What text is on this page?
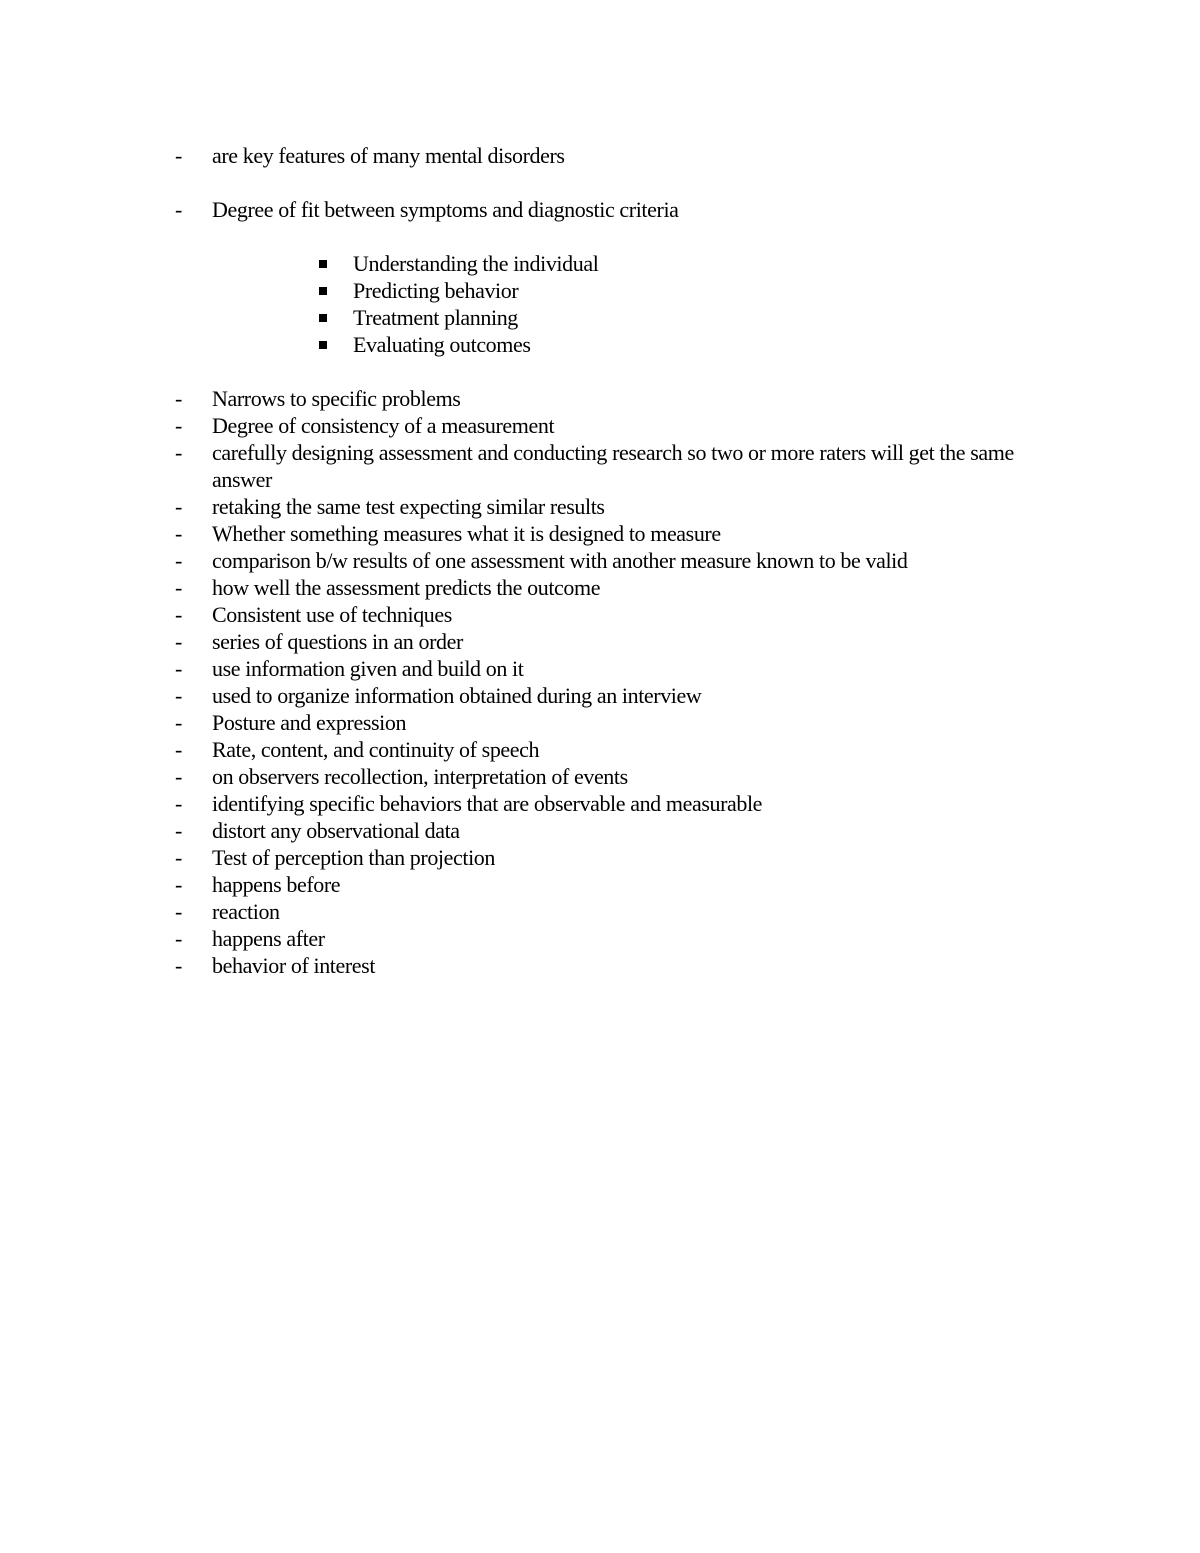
- are key features of many mental disorders
- Degree of fit between symptoms and diagnostic criteria
Understanding the individual
Predicting behavior
Treatment planning
Evaluating outcomes
- Narrows to specific problems
- Degree of consistency of a measurement
- carefully designing assessment and conducting research so two or more raters will get the same answer
- retaking the same test expecting similar results
- Whether something measures what it is designed to measure
- comparison b/w results of one assessment with another measure known to be valid
- how well the assessment predicts the outcome
- Consistent use of techniques
- series of questions in an order
- use information given and build on it
- used to organize information obtained during an interview
- Posture and expression
- Rate, content, and continuity of speech
- on observers recollection, interpretation of events
- identifying specific behaviors that are observable and measurable
- distort any observational data
- Test of perception than projection
- happens before
- reaction
- happens after
- behavior of interest
